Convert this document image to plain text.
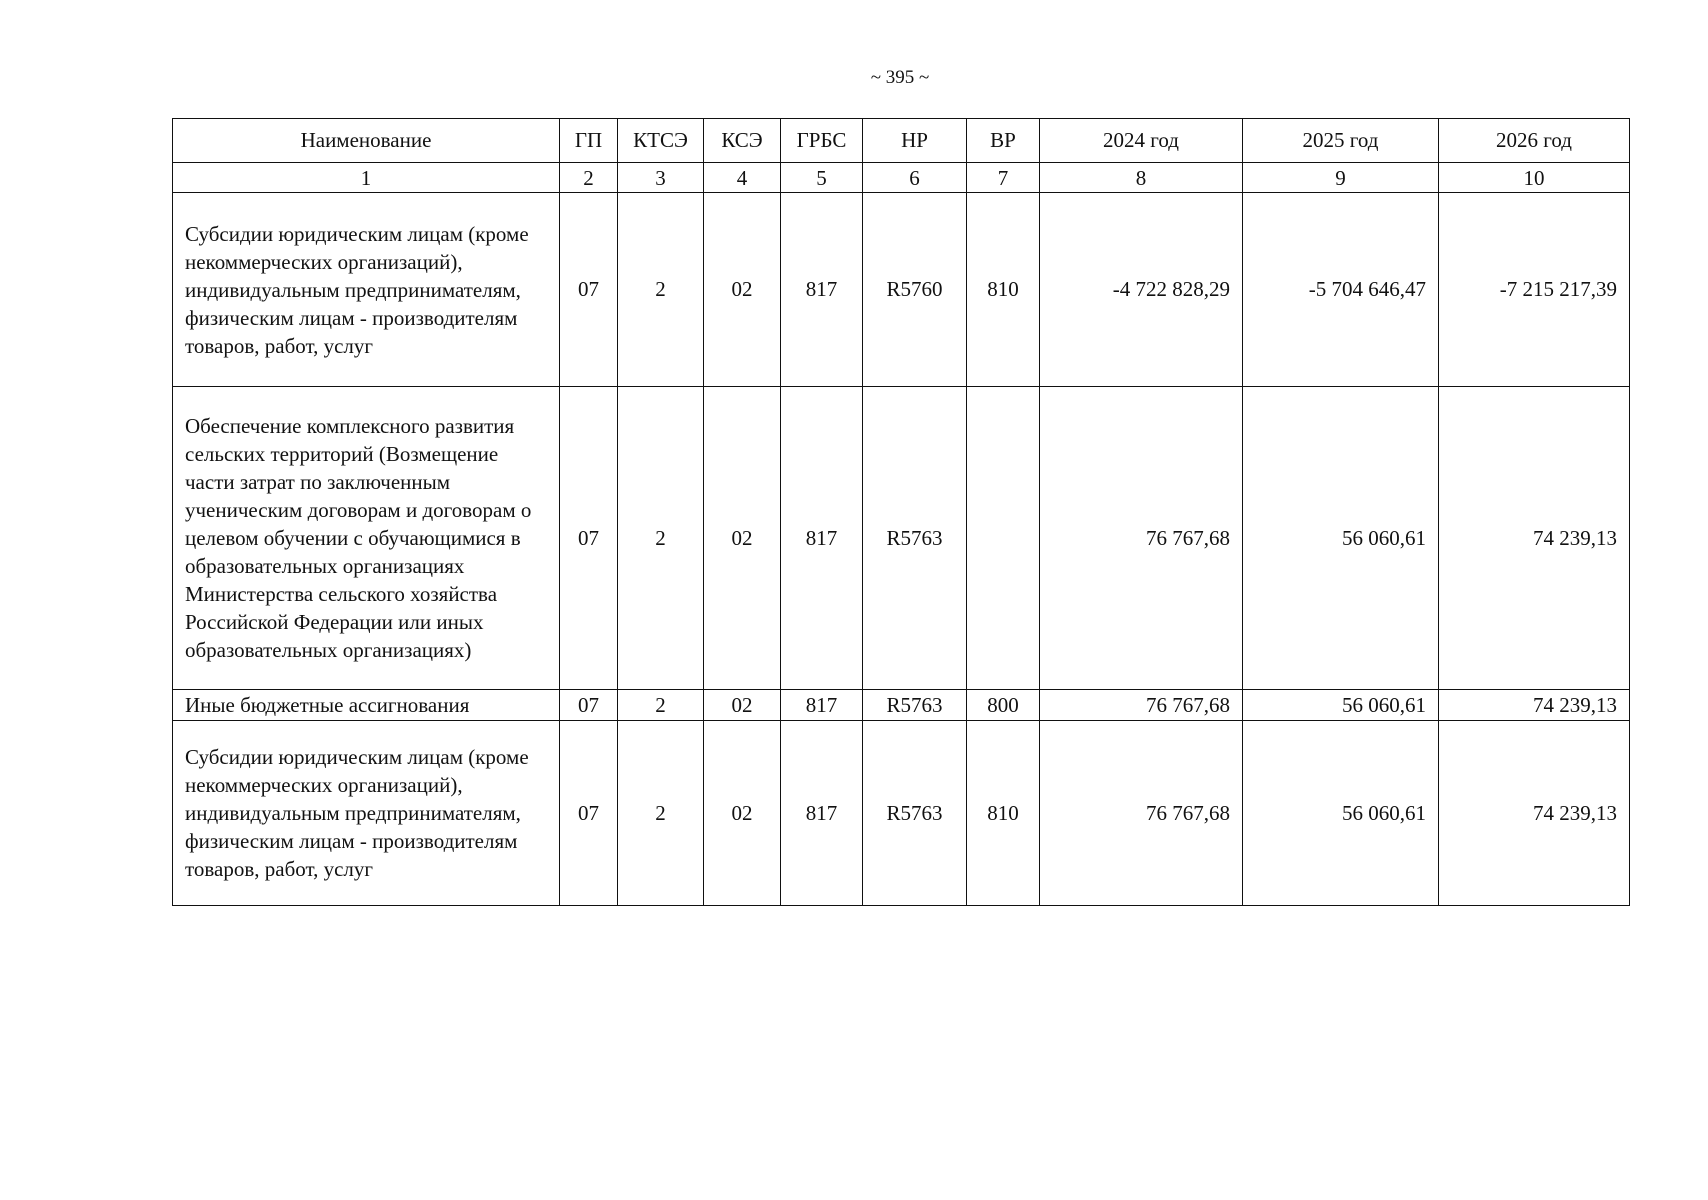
~ 395 ~
Наименование	ГП	КТСЭ	КСЭ	ГРБС	НР	ВР	2024 год	2025 год	2026 год
1	2	3	4	5	6	7	8	9	10
Субсидии юридическим лицам (кроме некоммерческих организаций), индивидуальным предпринимателям, физическим лицам - производителям товаров, работ, услуг	07	2	02	817	R5760	810	-4 722 828,29	-5 704 646,47	-7 215 217,39
Обеспечение комплексного развития сельских территорий (Возмещение части затрат по заключенным ученическим договорам и договорам о целевом обучении с обучающимися в образовательных организациях Министерства сельского хозяйства Российской Федерации или иных образовательных организациях)	07	2	02	817	R5763		76 767,68	56 060,61	74 239,13
Иные бюджетные ассигнования	07	2	02	817	R5763	800	76 767,68	56 060,61	74 239,13
Субсидии юридическим лицам (кроме некоммерческих организаций), индивидуальным предпринимателям, физическим лицам - производителям товаров, работ, услуг	07	2	02	817	R5763	810	76 767,68	56 060,61	74 239,13
